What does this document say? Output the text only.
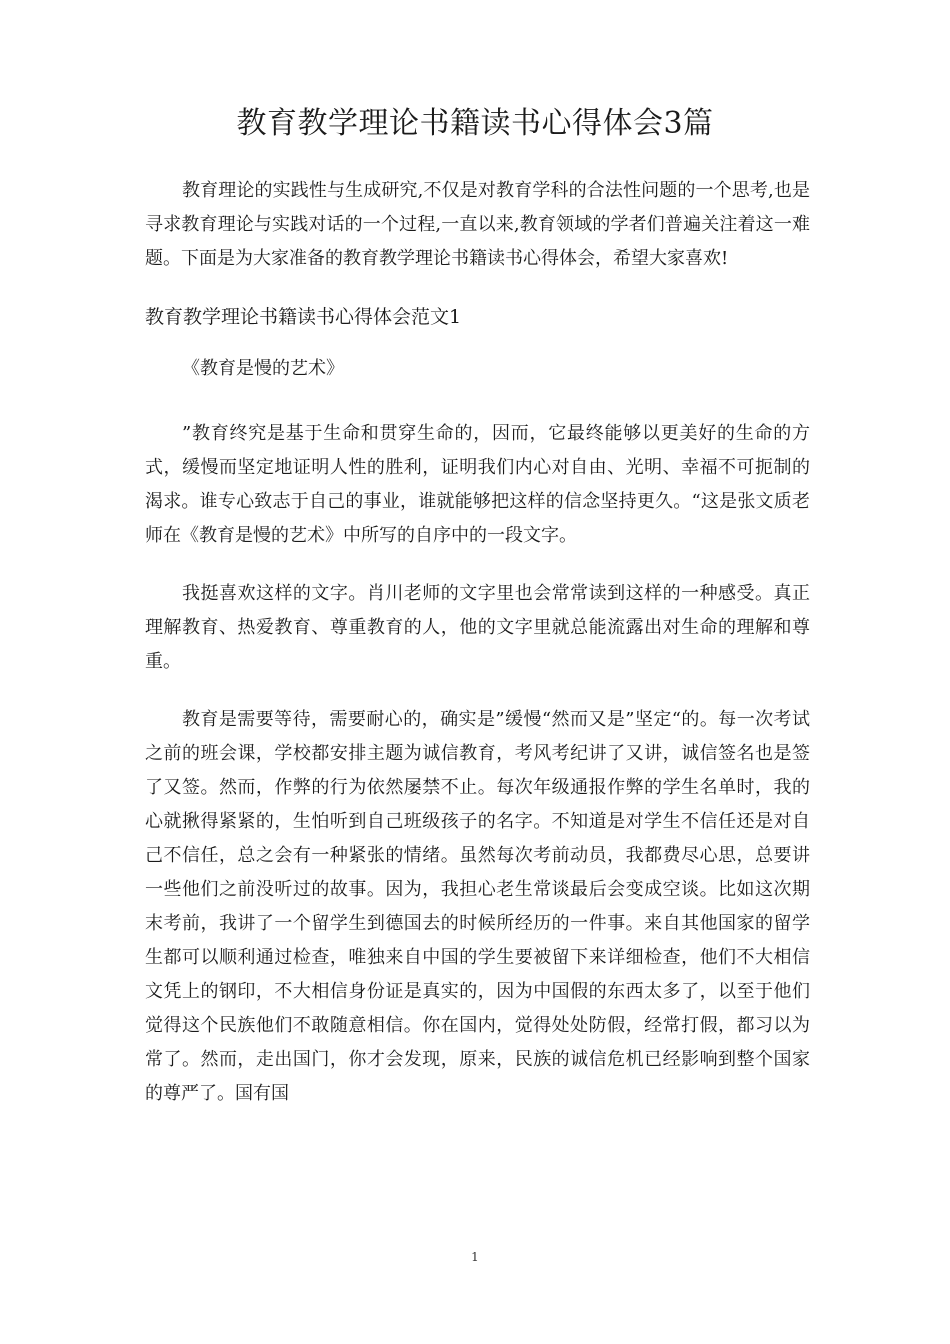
教育教学理论书籍读书心得体会3篇

教育理论的实践性与生成研究,不仅是对教育学科的合法性问题的一个思考,也是寻求教育理论与实践对话的一个过程,一直以来,教育领域的学者们普遍关注着这一难题。下面是为大家准备的教育教学理论书籍读书心得体会，希望大家喜欢!

教育教学理论书籍读书心得体会范文1

《教育是慢的艺术》

”教育终究是基于生命和贯穿生命的，因而，它最终能够以更美好的生命的方式，缓慢而坚定地证明人性的胜利，证明我们内心对自由、光明、幸福不可扼制的渴求。谁专心致志于自己的事业，谁就能够把这样的信念坚持更久。“这是张文质老师在《教育是慢的艺术》中所写的自序中的一段文字。

我挺喜欢这样的文字。肖川老师的文字里也会常常读到这样的一种感受。真正理解教育、热爱教育、尊重教育的人，他的文字里就总能流露出对生命的理解和尊重。

教育是需要等待，需要耐心的，确实是”缓慢“然而又是”坚定“的。每一次考试之前的班会课，学校都安排主题为诚信教育，考风考纪讲了又讲，诚信签名也是签了又签。然而，作弊的行为依然屡禁不止。每次年级通报作弊的学生名单时，我的心就揪得紧紧的，生怕听到自己班级孩子的名字。不知道是对学生不信任还是对自己不信任，总之会有一种紧张的情绪。虽然每次考前动员，我都费尽心思，总要讲一些他们之前没听过的故事。因为，我担心老生常谈最后会变成空谈。比如这次期末考前，我讲了一个留学生到德国去的时候所经历的一件事。来自其他国家的留学生都可以顺利通过检查，唯独来自中国的学生要被留下来详细检查，他们不大相信文凭上的钢印，不大相信身份证是真实的，因为中国假的东西太多了，以至于他们觉得这个民族他们不敢随意相信。你在国内，觉得处处防假，经常打假，都习以为常了。然而，走出国门，你才会发现，原来，民族的诚信危机已经影响到整个国家的尊严了。国有国

1
